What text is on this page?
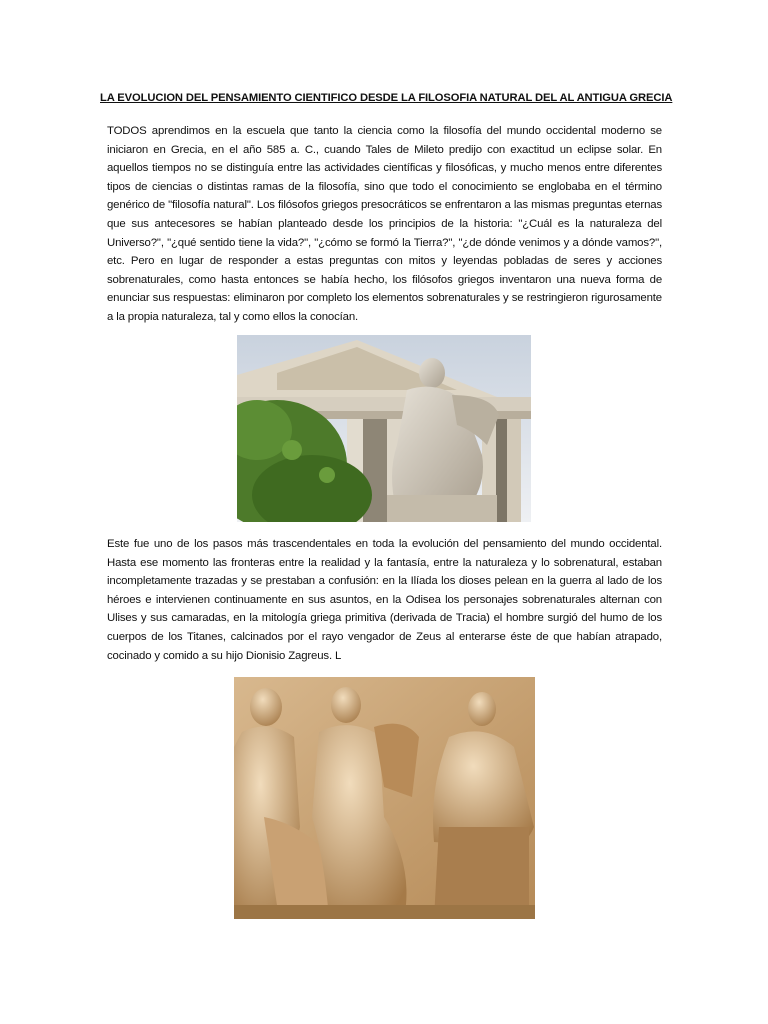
LA EVOLUCION DEL PENSAMIENTO CIENTIFICO DESDE LA FILOSOFIA NATURAL DEL AL ANTIGUA GRECIA
TODOS aprendimos en la escuela que tanto la ciencia como la filosofía del mundo occidental moderno se iniciaron en Grecia, en el año 585 a. C., cuando Tales de Mileto predijo con exactitud un eclipse solar. En aquellos tiempos no se distinguía entre las actividades científicas y filosóficas, y mucho menos entre diferentes tipos de ciencias o distintas ramas de la filosofía, sino que todo el conocimiento se englobaba en el término genérico de "filosofía natural". Los filósofos griegos presocráticos se enfrentaron a las mismas preguntas eternas que sus antecesores se habían planteado desde los principios de la historia: "¿Cuál es la naturaleza del Universo?", "¿qué sentido tiene la vida?", "¿cómo se formó la Tierra?", "¿de dónde venimos y a dónde vamos?", etc. Pero en lugar de responder a estas preguntas con mitos y leyendas pobladas de seres y acciones sobrenaturales, como hasta entonces se había hecho, los filósofos griegos inventaron una nueva forma de enunciar sus respuestas: eliminaron por completo los elementos sobrenaturales y se restringieron rigurosamente a la propia naturaleza, tal y como ellos la conocían.
Este fue uno de los pasos más trascendentales en toda la evolución del pensamiento del mundo occidental. Hasta ese momento las fronteras entre la realidad y la fantasía, entre la naturaleza y lo sobrenatural, estaban incompletamente trazadas y se prestaban a confusión: en la Ilíada los dioses pelean en la guerra al lado de los héroes e intervienen continuamente en sus asuntos, en la Odisea los personajes sobrenaturales alternan con Ulises y sus camaradas, en la mitología griega primitiva (derivada de Tracia) el hombre surgió del humo de los cuerpos de los Titanes, calcinados por el rayo vengador de Zeus al enterarse éste de que habían atrapado, cocinado y comido a su hijo Dionisio Zagreus. L
